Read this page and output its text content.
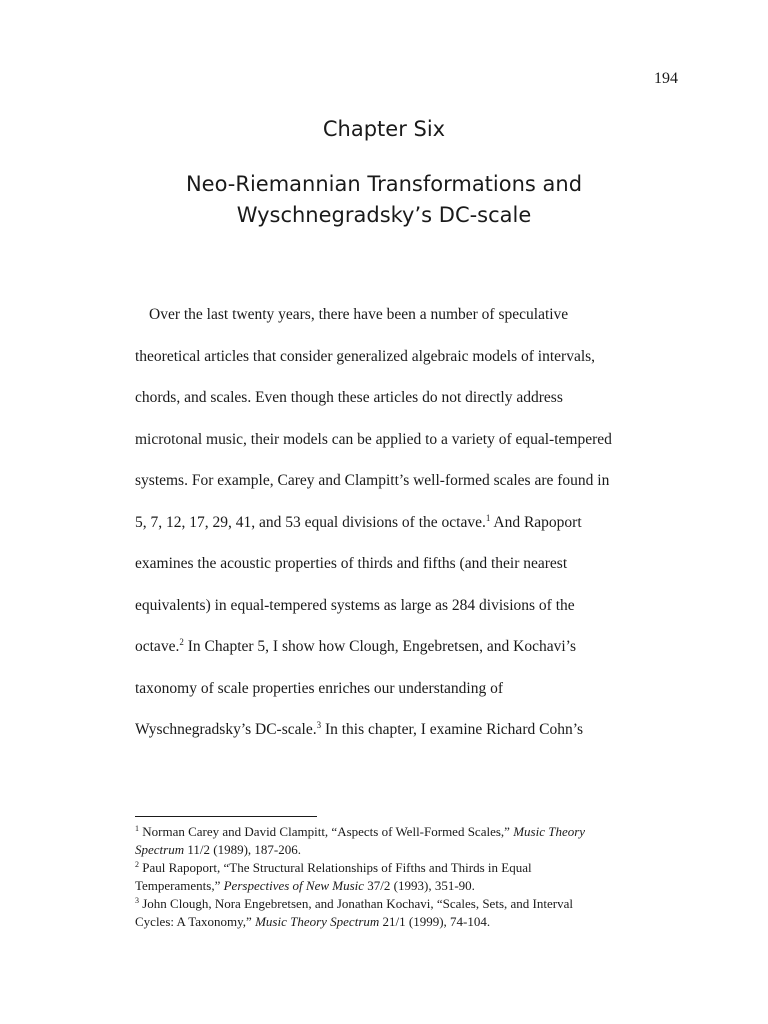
194
Chapter Six
Neo-Riemannian Transformations and
Wyschnegradsky’s DC-scale
Over the last twenty years, there have been a number of speculative
theoretical articles that consider generalized algebraic models of intervals,
chords, and scales. Even though these articles do not directly address
microtonal music, their models can be applied to a variety of equal-tempered
systems. For example, Carey and Clampitt’s well-formed scales are found in
5, 7, 12, 17, 29, 41, and 53 equal divisions of the octave.$^1$ And Rapoport
examines the acoustic properties of thirds and fifths (and their nearest
equivalents) in equal-tempered systems as large as 284 divisions of the
octave.$^2$ In Chapter 5, I show how Clough, Engebretsen, and Kochavi’s
taxonomy of scale properties enriches our understanding of
Wyschnegradsky’s DC-scale.$^3$ In this chapter, I examine Richard Cohn’s
$^1$ Norman Carey and David Clampitt, “Aspects of Well-Formed Scales,” Music Theory
Spectrum 11/2 (1989), 187-206.
$^2$ Paul Rapoport, “The Structural Relationships of Fifths and Thirds in Equal
Temperaments,” Perspectives of New Music 37/2 (1993), 351-90.
$^3$ John Clough, Nora Engebretsen, and Jonathan Kochavi, “Scales, Sets, and Interval
Cycles: A Taxonomy,” Music Theory Spectrum 21/1 (1999), 74-104.
